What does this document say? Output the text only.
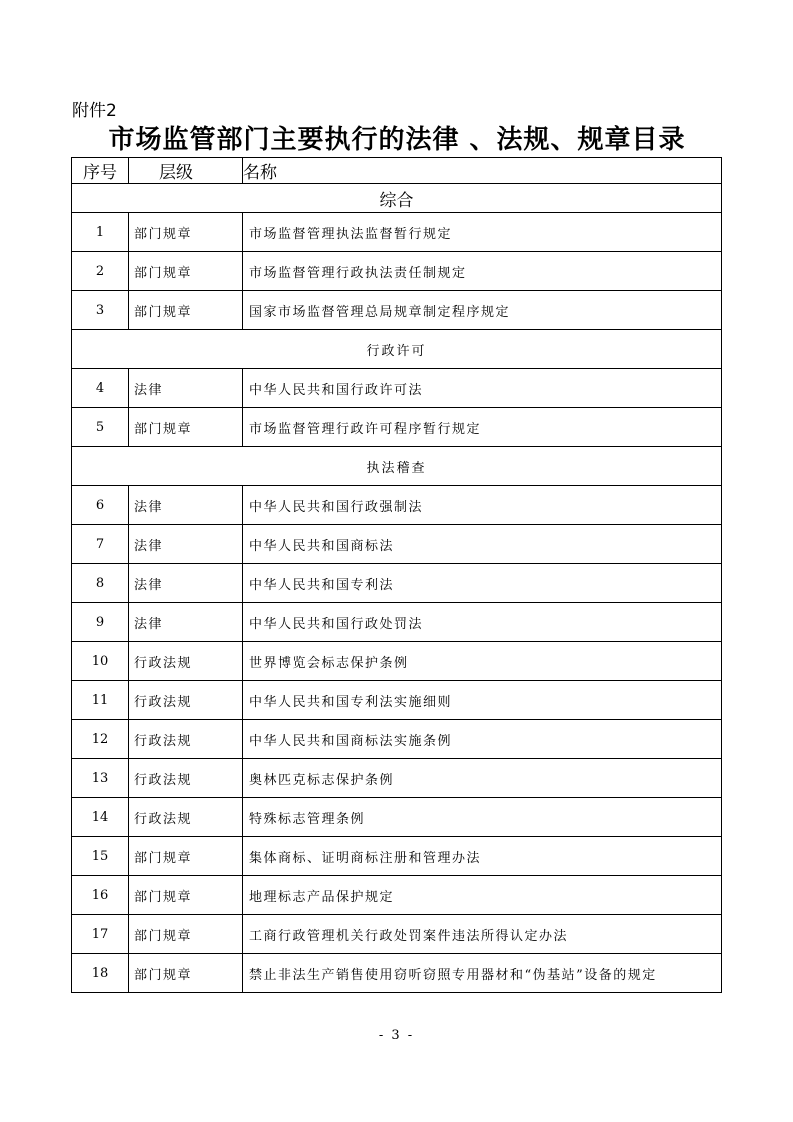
附件2
市场监管部门主要执行的法律 、法规、规章目录
序号	层级	名称
综合		
1	部门规章	市场监督管理执法监督暂行规定
2	部门规章	市场监督管理行政执法责任制规定
3	部门规章	国家市场监督管理总局规章制定程序规定
行政许可		
4	法律	中华人民共和国行政许可法
5	部门规章	市场监督管理行政许可程序暂行规定
执法稽查		
6	法律	中华人民共和国行政强制法
7	法律	中华人民共和国商标法
8	法律	中华人民共和国专利法
9	法律	中华人民共和国行政处罚法
10	行政法规	世界博览会标志保护条例
11	行政法规	中华人民共和国专利法实施细则
12	行政法规	中华人民共和国商标法实施条例
13	行政法规	奥林匹克标志保护条例
14	行政法规	特殊标志管理条例
15	部门规章	集体商标、证明商标注册和管理办法
16	部门规章	地理标志产品保护规定
17	部门规章	工商行政管理机关行政处罚案件违法所得认定办法
18	部门规章	禁止非法生产销售使用窃听窃照专用器材和“伪基站”设备的规定
- 3 -
